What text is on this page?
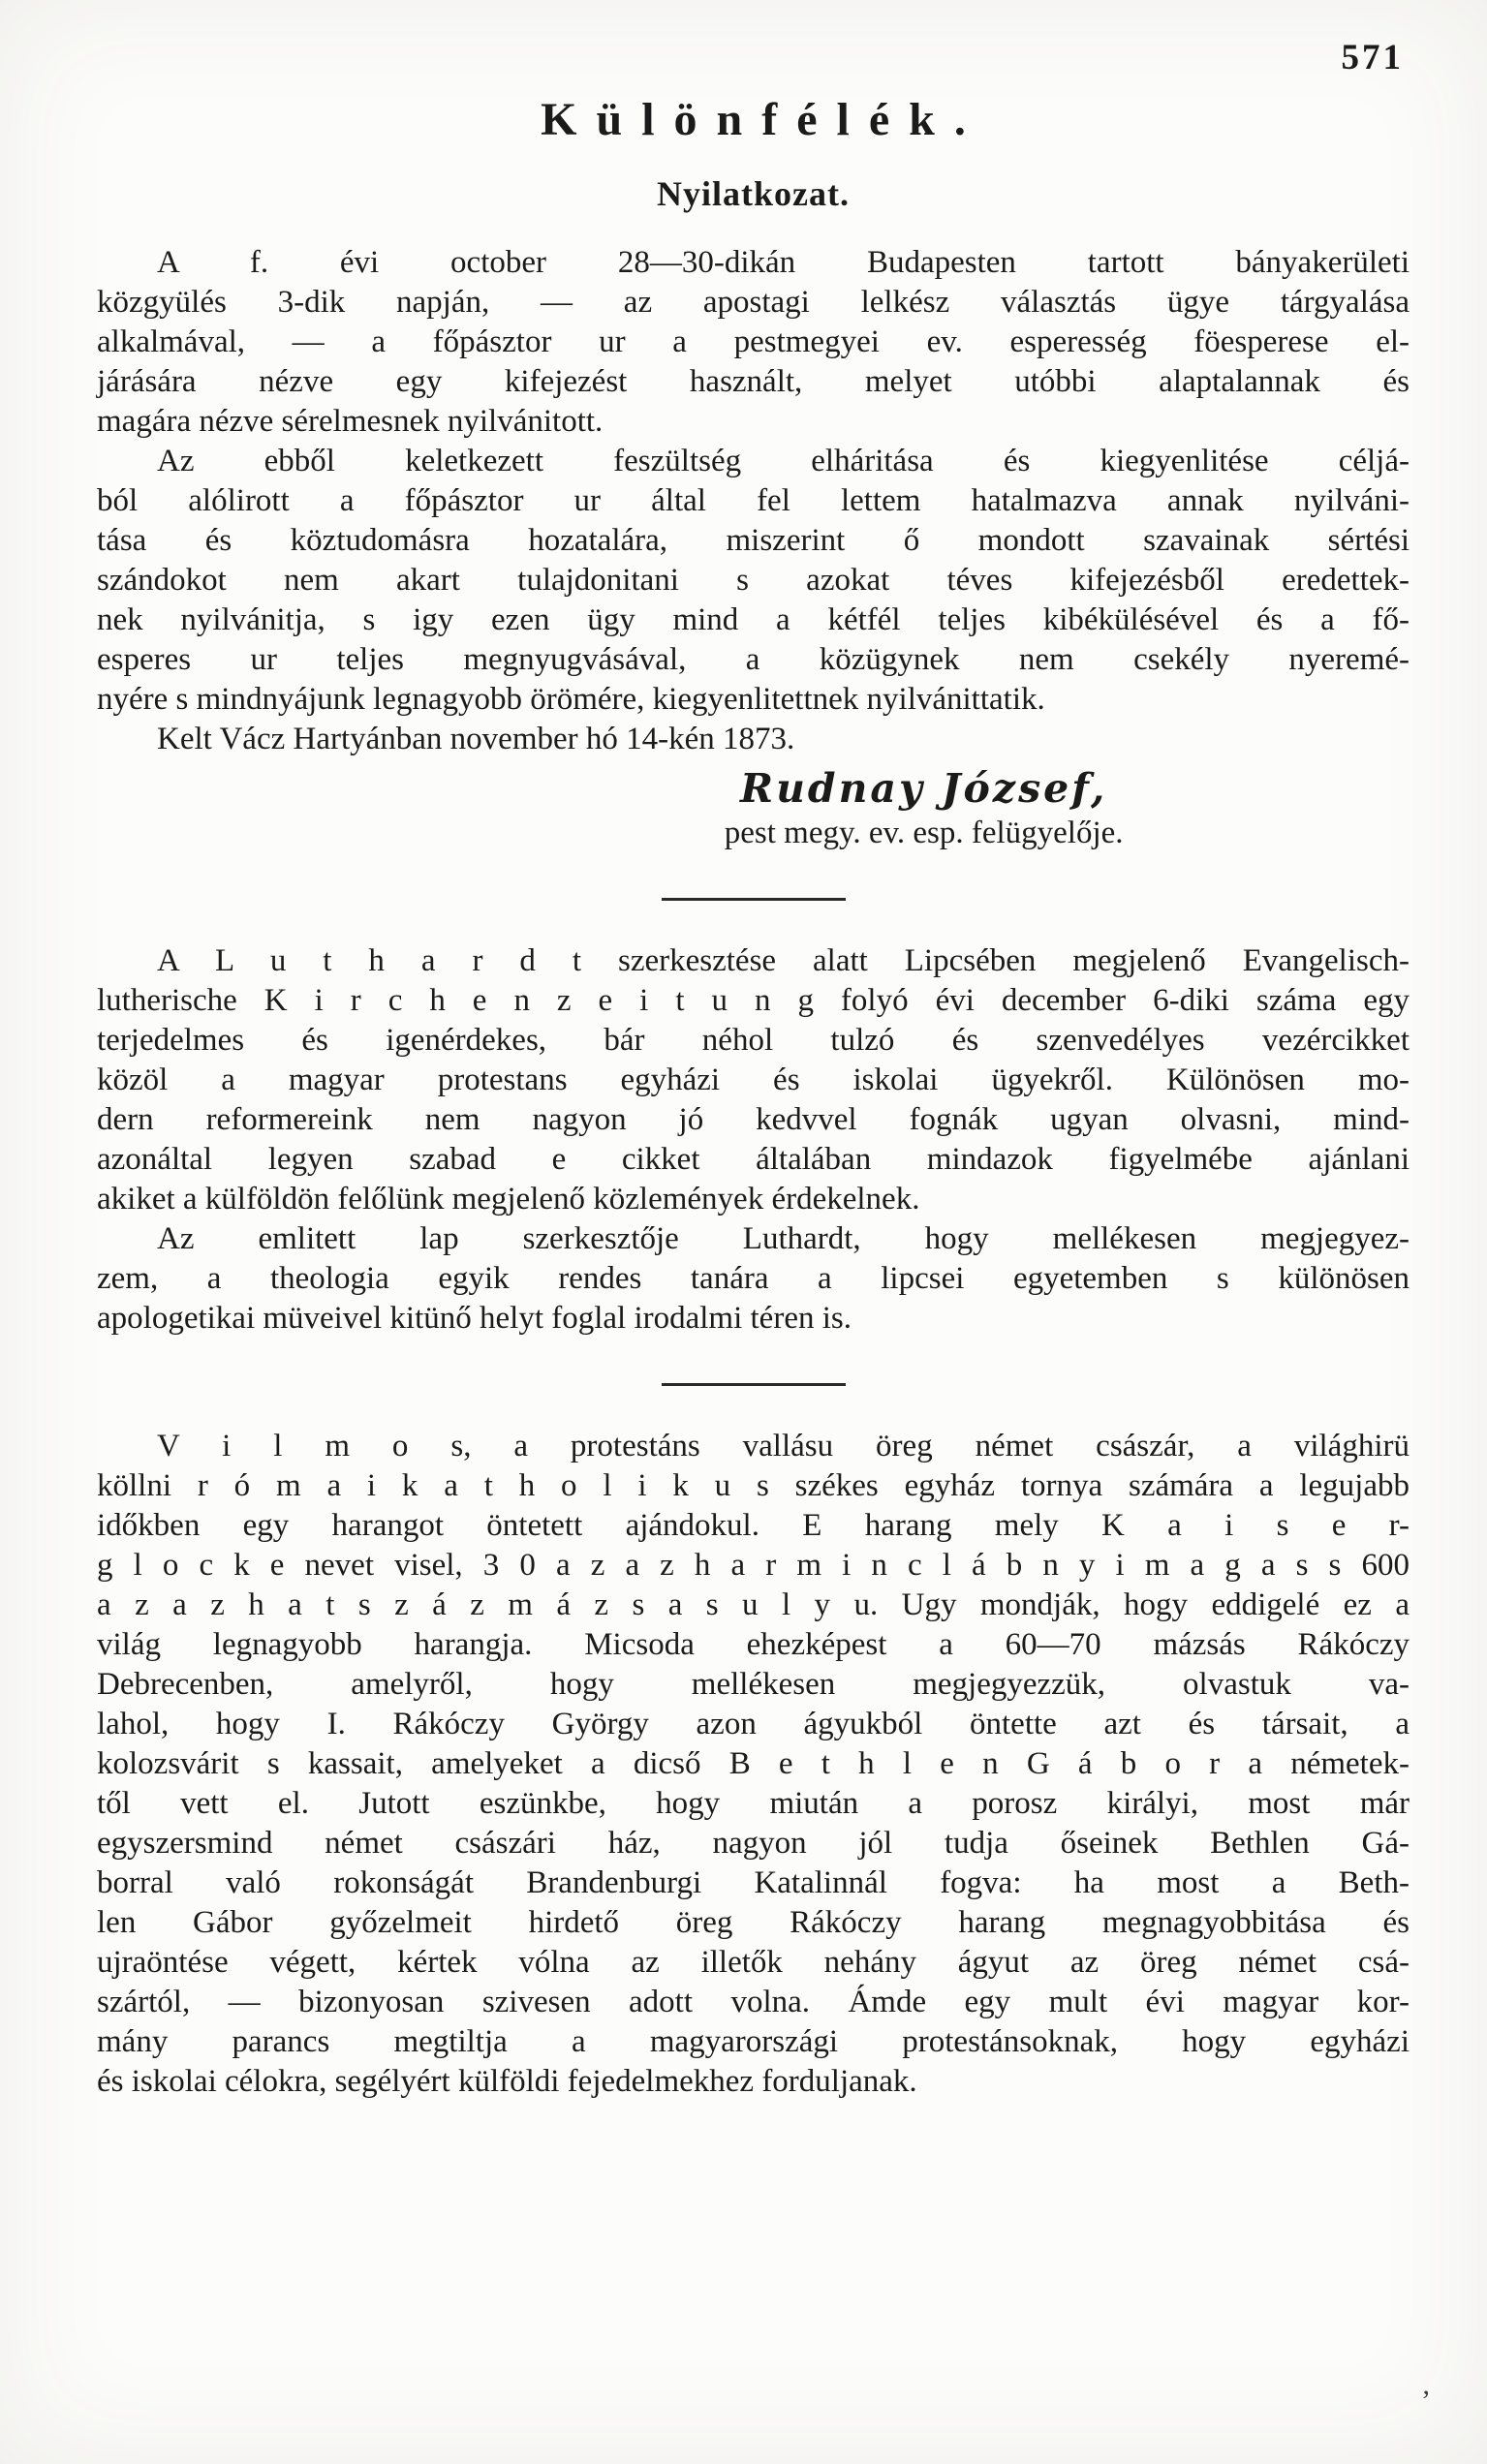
571
Különfélék.
Nyilatkozat.
A f. évi october 28—30-dikán Budapesten tartott bányakerületi
közgyülés 3-dik napján, — az apostagi lelkész választás ügye tárgyalása
alkalmával, — a főpásztor ur a pestmegyei ev. esperesség föesperese el-
járására nézve egy kifejezést használt, melyet utóbbi alaptalannak és
magára nézve sérelmesnek nyilvánitott.
Az ebből keletkezett feszültség elháritása és kiegyenlitése céljá-
ból alólirott a főpásztor ur által fel lettem hatalmazva annak nyilváni-
tása és köztudomásra hozatalára, miszerint ő mondott szavainak sértési
szándokot nem akart tulajdonitani s azokat téves kifejezésből eredettek-
nek nyilvánitja, s igy ezen ügy mind a kétfél teljes kibékülésével és a fő-
esperes ur teljes megnyugvásával, a közügynek nem csekély nyeremé-
nyére s mindnyájunk legnagyobb örömére, kiegyenlitettnek nyilvánittatik.
Kelt Vácz Hartyánban november hó 14-kén 1873.
Rudnay József,
pest megy. ev. esp. felügyelője.
A L u t h a r d t szerkesztése alatt Lipcsében megjelenő Evangelisch-
lutherische K i r c h e n z e i t u n g folyó évi december 6-diki száma egy
terjedelmes és igenérdekes, bár néhol tulzó és szenvedélyes vezércikket
közöl a magyar protestans egyházi és iskolai ügyekről. Különösen mo-
dern reformereink nem nagyon jó kedvvel fognák ugyan olvasni, mind-
azonáltal legyen szabad e cikket általában mindazok figyelmébe ajánlani
akiket a külföldön felőlünk megjelenő közlemények érdekelnek.
Az emlitett lap szerkesztője Luthardt, hogy mellékesen megjegyez-
zem, a theologia egyik rendes tanára a lipcsei egyetemben s különösen
apologetikai müveivel kitünő helyt foglal irodalmi téren is.
V i l m o s, a protestáns vallásu öreg német császár, a világhirü
köllni r ó m a i k a t h o l i k u s székes egyház tornya számára a legujabb
időkben egy harangot öntetett ajándokul. E harang mely K a i s e r-
g l o c k e nevet visel, 3 0 a z a z h a r m i n c l á b n y i m a g a s s 600
a z a z h a t s z á z m á z s a s u l y u. Ugy mondják, hogy eddigelé ez a
világ legnagyobb harangja. Micsoda ehezképest a 60—70 mázsás Rákóczy
Debrecenben, amelyről, hogy mellékesen megjegyezzük, olvastuk va-
lahol, hogy I. Rákóczy György azon ágyukból öntette azt és társait, a
kolozsvárit s kassait, amelyeket a dicső B e t h l e n G á b o r a németek-
től vett el. Jutott eszünkbe, hogy miután a porosz királyi, most már
egyszersmind német császári ház, nagyon jól tudja őseinek Bethlen Gá-
borral való rokonságát Brandenburgi Katalinnál fogva: ha most a Beth-
len Gábor győzelmeit hirdető öreg Rákóczy harang megnagyobbitása és
ujraöntése végett, kértek vólna az illetők nehány ágyut az öreg német csá-
szártól, — bizonyosan szivesen adott volna. Ámde egy mult évi magyar kor-
mány parancs megtiltja a magyarországi protestánsoknak, hogy egyházi
és iskolai célokra, segélyért külföldi fejedelmekhez forduljanak.
’
